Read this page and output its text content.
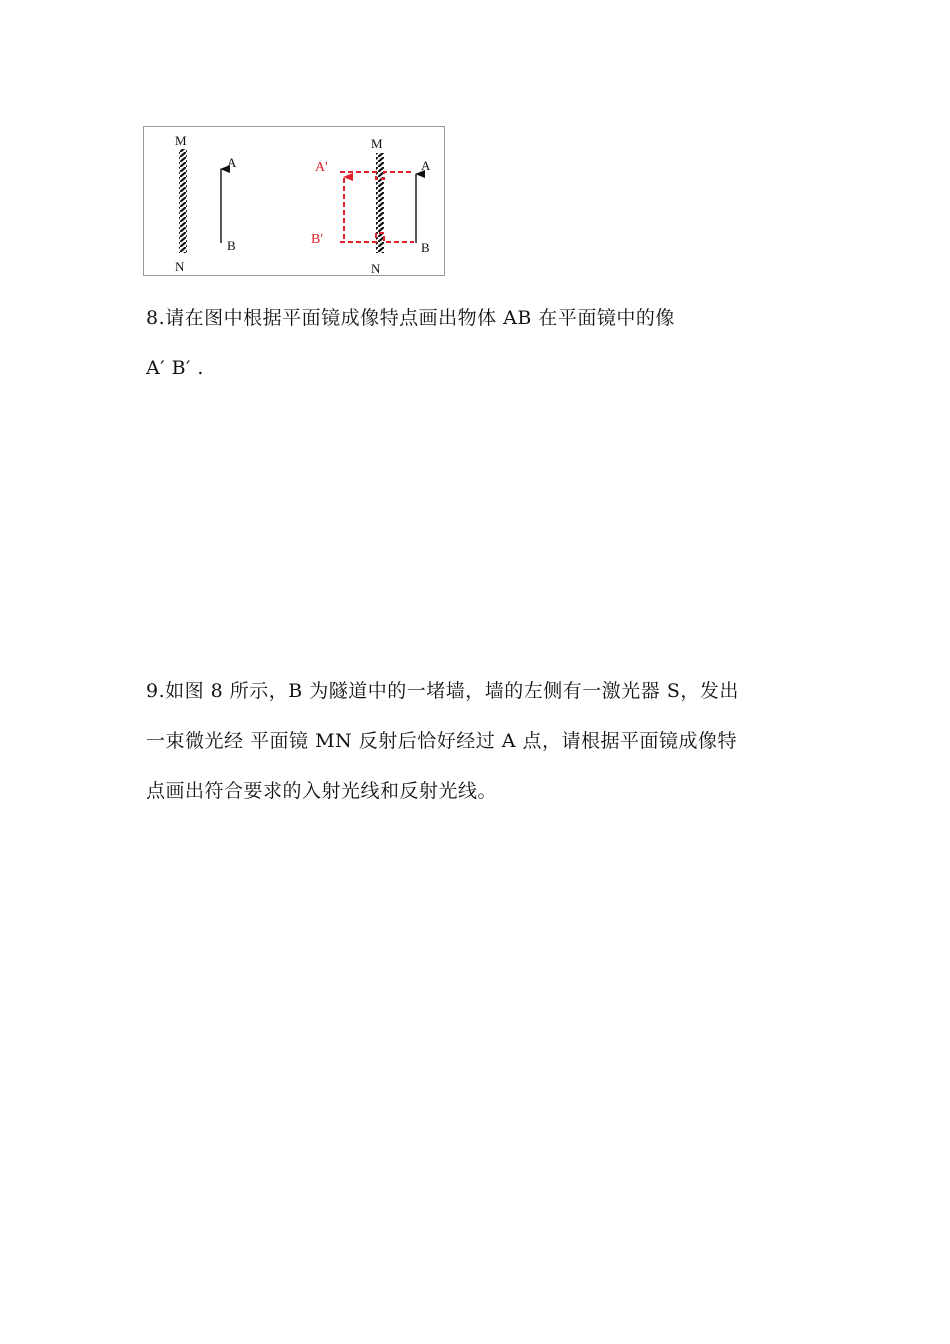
M
N
A
B
M
N
A'
B'
A
B

8.请在图中根据平面镜成像特点画出物体 AB 在平面镜中的像

A′ B′ .

9.如图 8 所示，B 为隧道中的一堵墙，墙的左侧有一激光器 S，发出

一束微光经 平面镜 MN 反射后恰好经过 A 点，请根据平面镜成像特

点画出符合要求的入射光线和反射光线。
